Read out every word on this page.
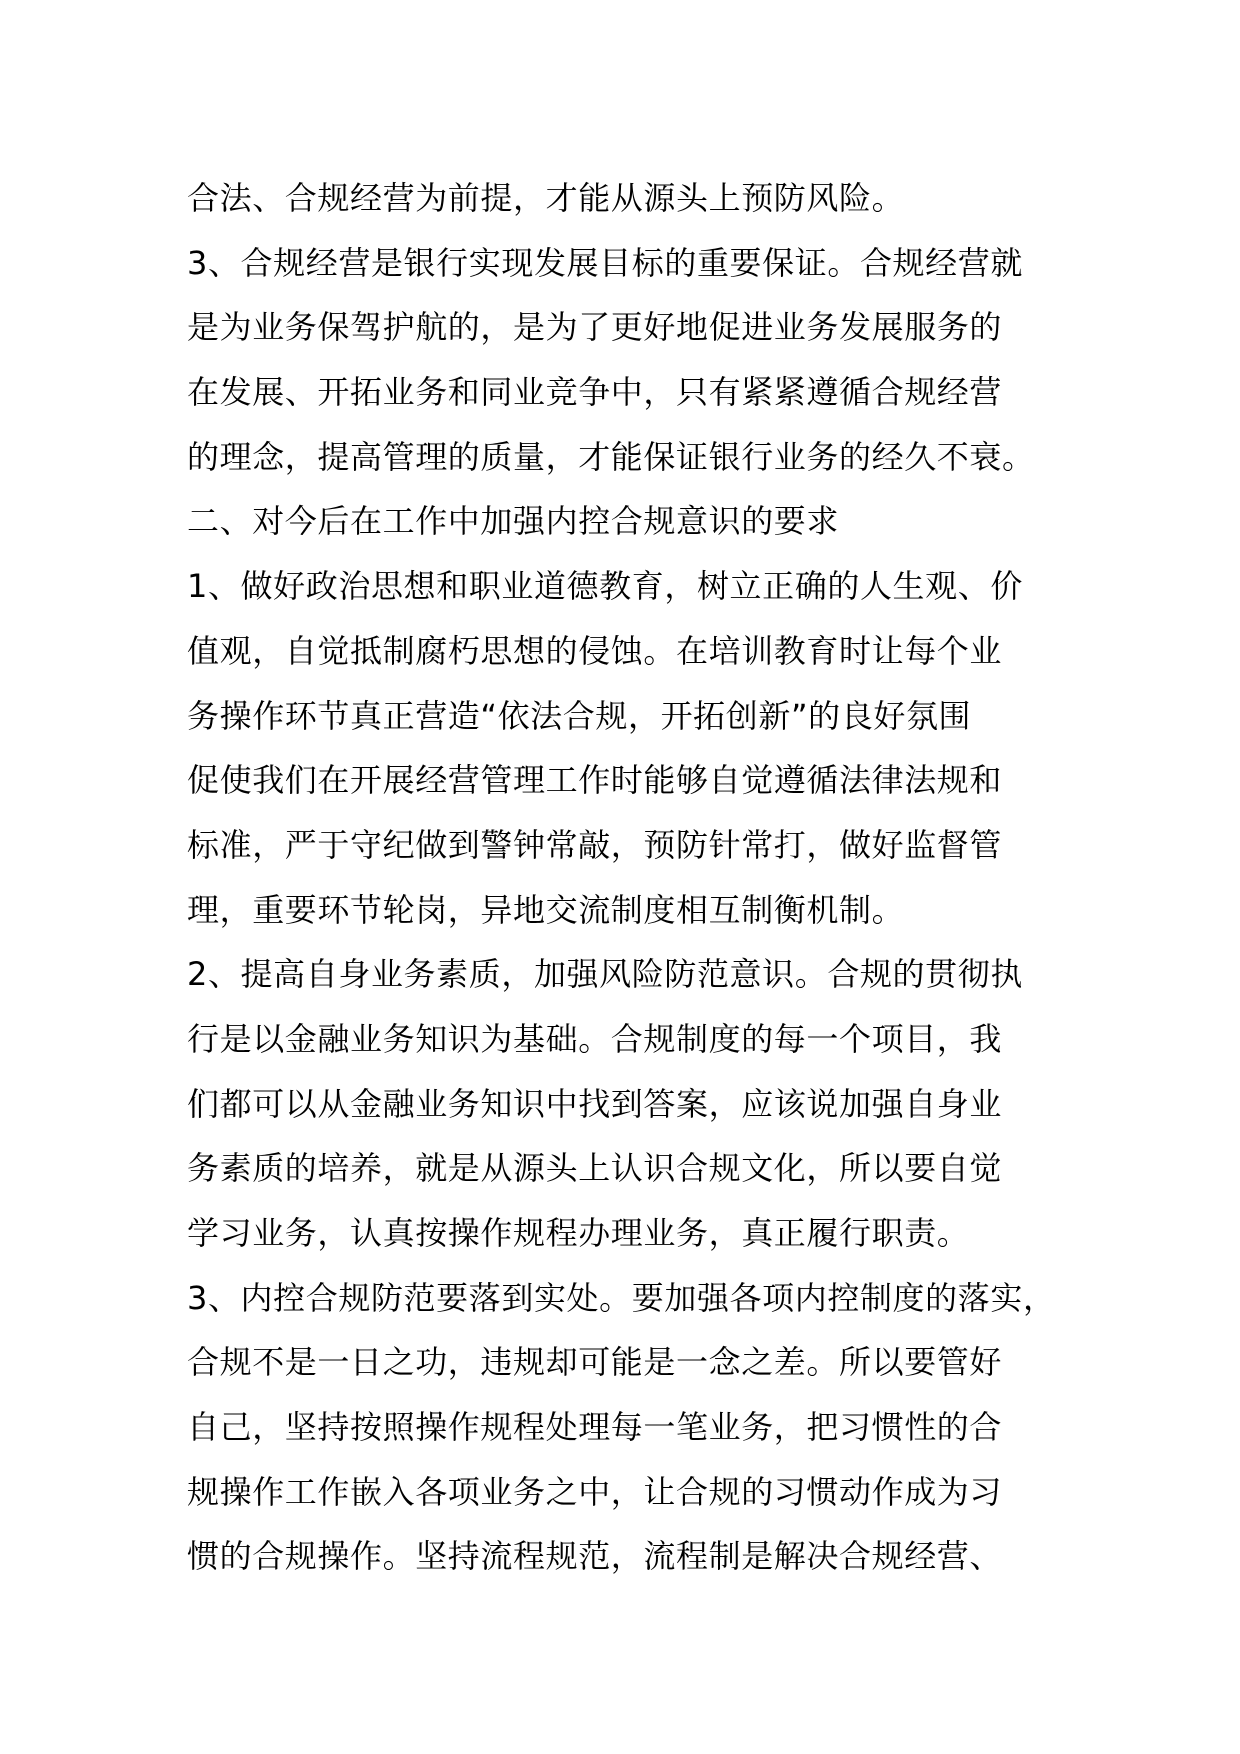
合法、合规经营为前提，才能从源头上预防风险。
3、合规经营是银行实现发展目标的重要保证。合规经营就
是为业务保驾护航的，是为了更好地促进业务发展服务的
在发展、开拓业务和同业竞争中，只有紧紧遵循合规经营
的理念，提高管理的质量，才能保证银行业务的经久不衰。
二、对今后在工作中加强内控合规意识的要求
1、做好政治思想和职业道德教育，树立正确的人生观、价
值观，自觉抵制腐朽思想的侵蚀。在培训教育时让每个业
务操作环节真正营造“依法合规，开拓创新”的良好氛围
促使我们在开展经营管理工作时能够自觉遵循法律法规和
标准，严于守纪做到警钟常敲，预防针常打，做好监督管
理，重要环节轮岗，异地交流制度相互制衡机制。
2、提高自身业务素质，加强风险防范意识。合规的贯彻执
行是以金融业务知识为基础。合规制度的每一个项目，我
们都可以从金融业务知识中找到答案，应该说加强自身业
务素质的培养，就是从源头上认识合规文化，所以要自觉
学习业务，认真按操作规程办理业务，真正履行职责。
3、内控合规防范要落到实处。要加强各项内控制度的落实，
合规不是一日之功，违规却可能是一念之差。所以要管好
自己，坚持按照操作规程处理每一笔业务，把习惯性的合
规操作工作嵌入各项业务之中，让合规的习惯动作成为习
惯的合规操作。坚持流程规范，流程制是解决合规经营、
